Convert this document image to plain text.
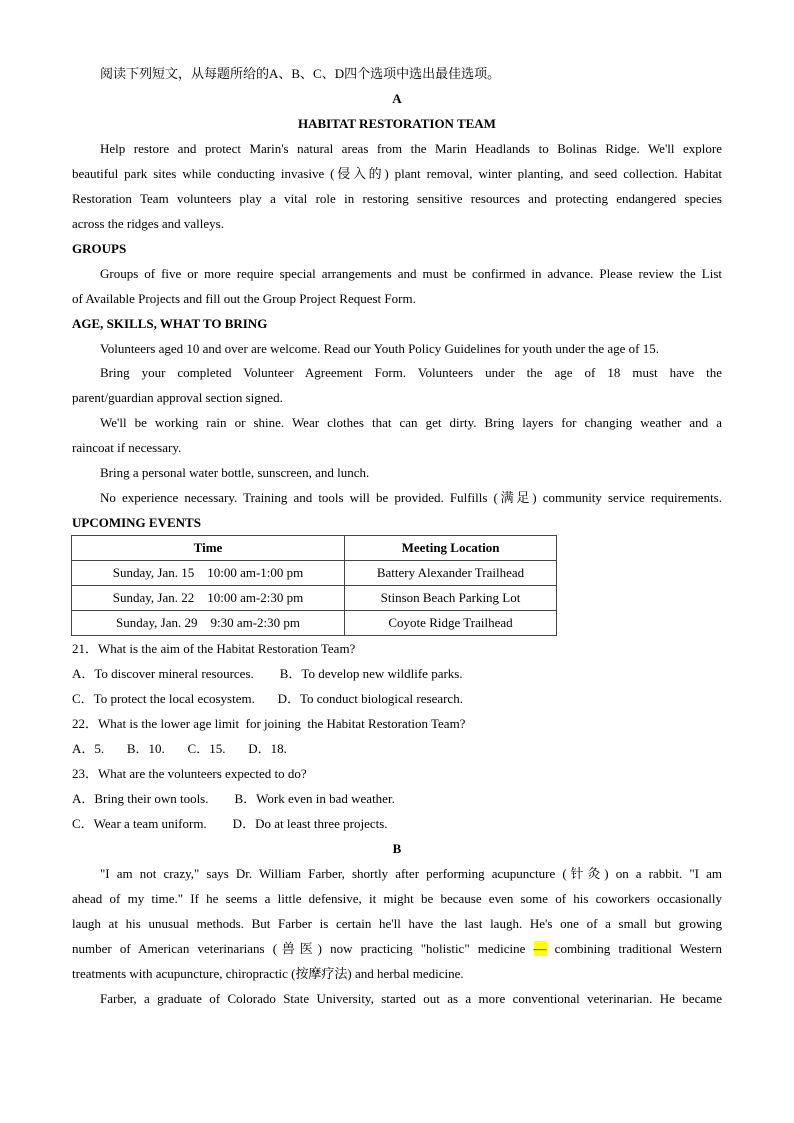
阅读下列短文，从每题所给的A、B、C、D四个选项中选出最佳选项。
A
HABITAT RESTORATION TEAM
Help restore and protect Marin's natural areas from the Marin Headlands to Bolinas Ridge. We'll explore
beautiful park sites while conducting invasive (侵入的) plant removal, winter planting, and seed collection. Habitat
Restoration Team volunteers play a vital role in restoring sensitive resources and protecting endangered species
across the ridges and valleys.
GROUPS
Groups of five or more require special arrangements and must be confirmed in advance. Please review the List
of Available Projects and fill out the Group Project Request Form.
AGE, SKILLS, WHAT TO BRING
Volunteers aged 10 and over are welcome. Read our Youth Policy Guidelines for youth under the age of 15.
Bring your completed Volunteer Agreement Form. Volunteers under the age of 18 must have the
parent/guardian approval section signed.
We'll be working rain or shine. Wear clothes that can get dirty. Bring layers for changing weather and a
raincoat if necessary.
Bring a personal water bottle, sunscreen, and lunch.
No experience necessary. Training and tools will be provided. Fulfills (满足) community service requirements.
UPCOMING EVENTS
Time	Meeting Location
Sunday, Jan. 15    10:00 am-1:00 pm	Battery Alexander Trailhead
Sunday, Jan. 22    10:00 am-2:30 pm	Stinson Beach Parking Lot
Sunday, Jan. 29    9:30 am-2:30 pm	Coyote Ridge Trailhead
21．What is the aim of the Habitat Restoration Team?
A．To discover mineral resources.        B．To develop new wildlife parks.
C．To protect the local ecosystem.       D．To conduct biological research.
22．What is the lower age limit  for joining  the Habitat Restoration Team?
A．5.       B．10.       C．15.       D．18.
23．What are the volunteers expected to do?
A．Bring their own tools.        B．Work even in bad weather.
C．Wear a team uniform.        D．Do at least three projects.
B
"I am not crazy," says Dr. William Farber, shortly after performing acupuncture (针灸) on a rabbit. "I am
ahead of my time." If he seems a little defensive, it might be because even some of his coworkers occasionally
laugh at his unusual methods. But Farber is certain he'll have the last laugh. He's one of a small but growing
number of American veterinarians (兽医) now practicing "holistic" medicine — combining traditional Western
treatments with acupuncture, chiropractic (按摩疗法) and herbal medicine.
Farber, a graduate of Colorado State University, started out as a more conventional veterinarian. He became
